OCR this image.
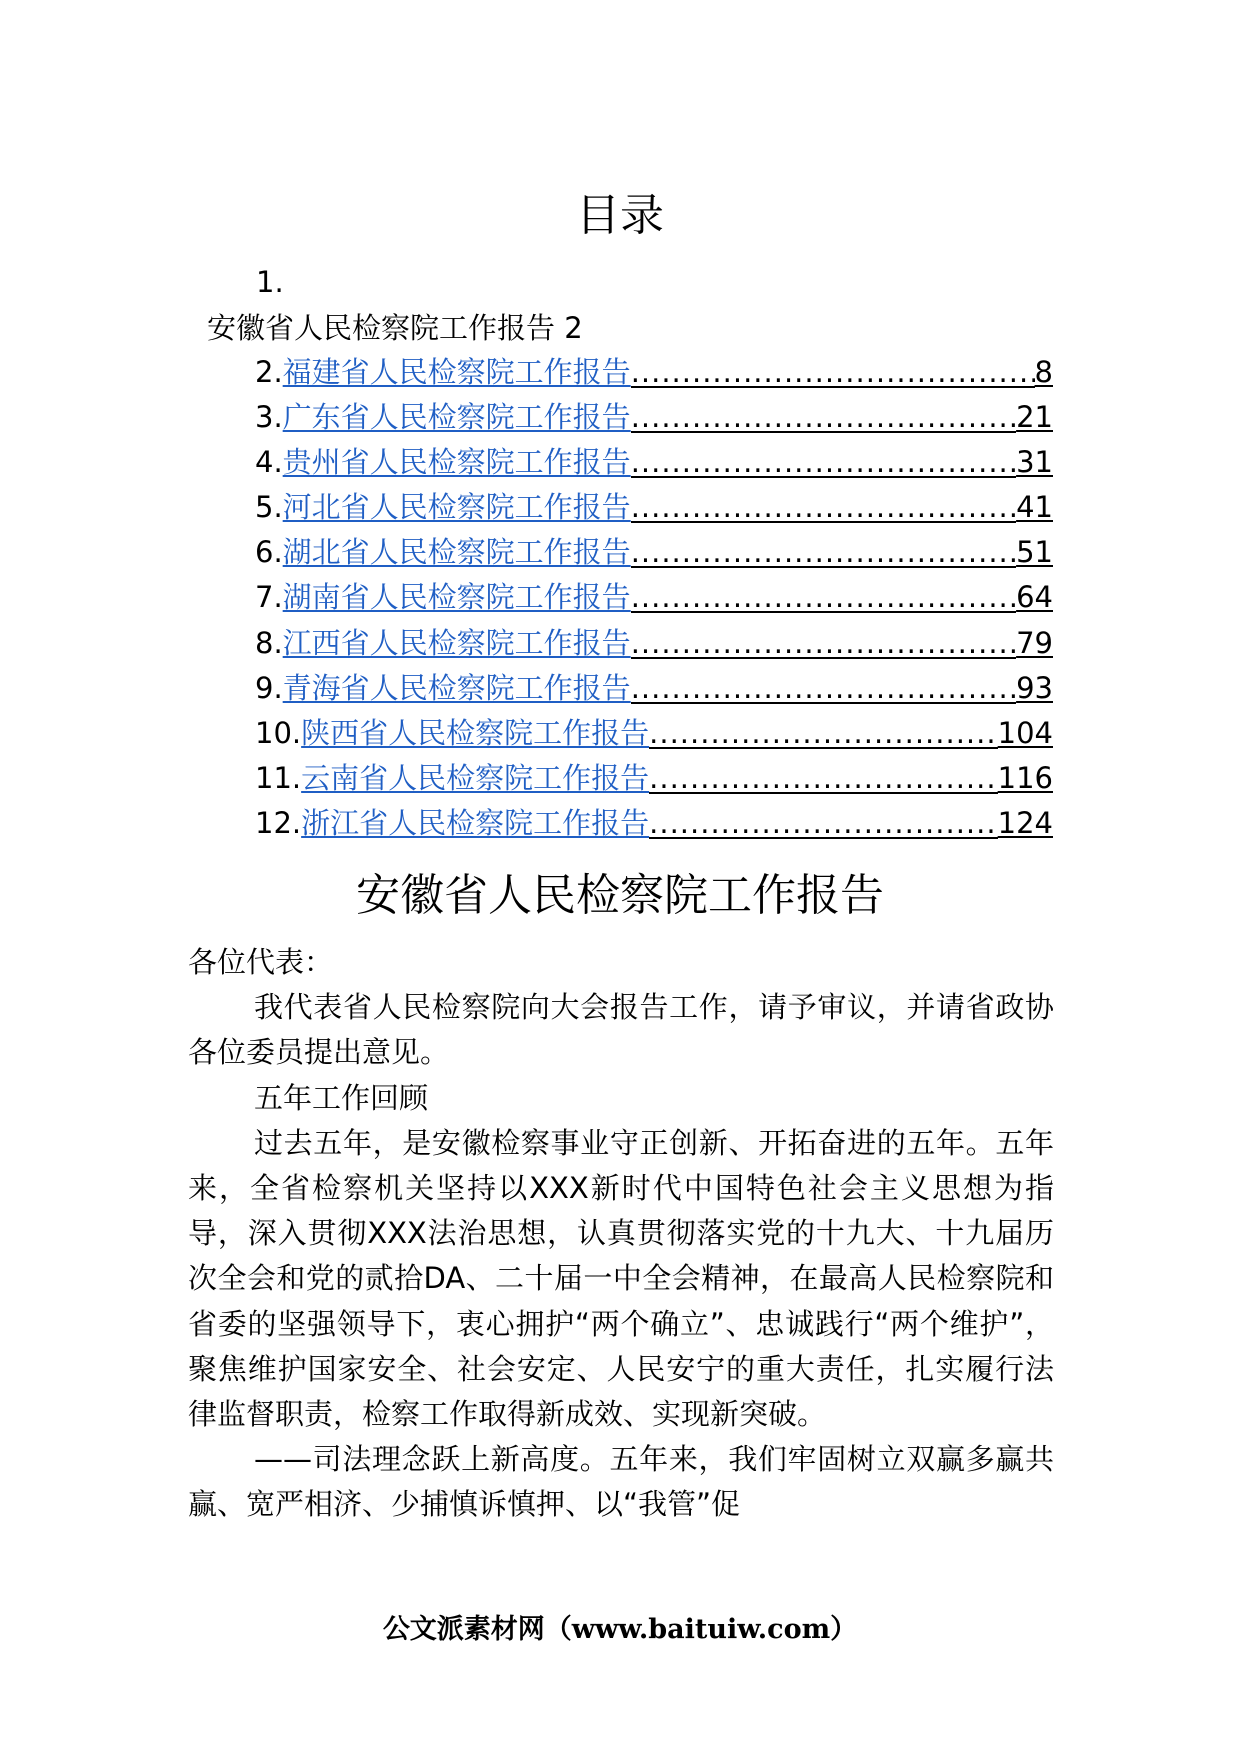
目录
1.
安徽省人民检察院工作报告 2
2. 福建省人民检察院工作报告 .....	8
3. 广东省人民检察院工作报告 .....	21
4. 贵州省人民检察院工作报告 .....	31
5. 河北省人民检察院工作报告 .....	41
6. 湖北省人民检察院工作报告 .....	51
7. 湖南省人民检察院工作报告 .....	64
8. 江西省人民检察院工作报告 .....	79
9. 青海省人民检察院工作报告 .....	93
10. 陕西省人民检察院工作报告 .....	104
11. 云南省人民检察院工作报告 .....	116
12. 浙江省人民检察院工作报告 .....	124
安徽省人民检察院工作报告

各位代表：

我代表省人民检察院向大会报告工作，请予审议，并请省政协各位委员提出意见。

五年工作回顾

过去五年，是安徽检察事业守正创新、开拓奋进的五年。五年来，全省检察机关坚持以XXX新时代中国特色社会主义思想为指导，深入贯彻XXX法治思想，认真贯彻落实党的十九大、十九届历次全会和党的贰拾DA、二十届一中全会精神，在最高人民检察院和省委的坚强领导下，衷心拥护“两个确立”、忠诚践行“两个维护”，聚焦维护国家安全、社会安定、人民安宁的重大责任，扎实履行法律监督职责，检察工作取得新成效、实现新突破。

——司法理念跃上新高度。五年来，我们牢固树立双赢多赢共赢、宽严相济、少捕慎诉慎押、以“我管”促

公文派素材网（www.baituiw.com）
